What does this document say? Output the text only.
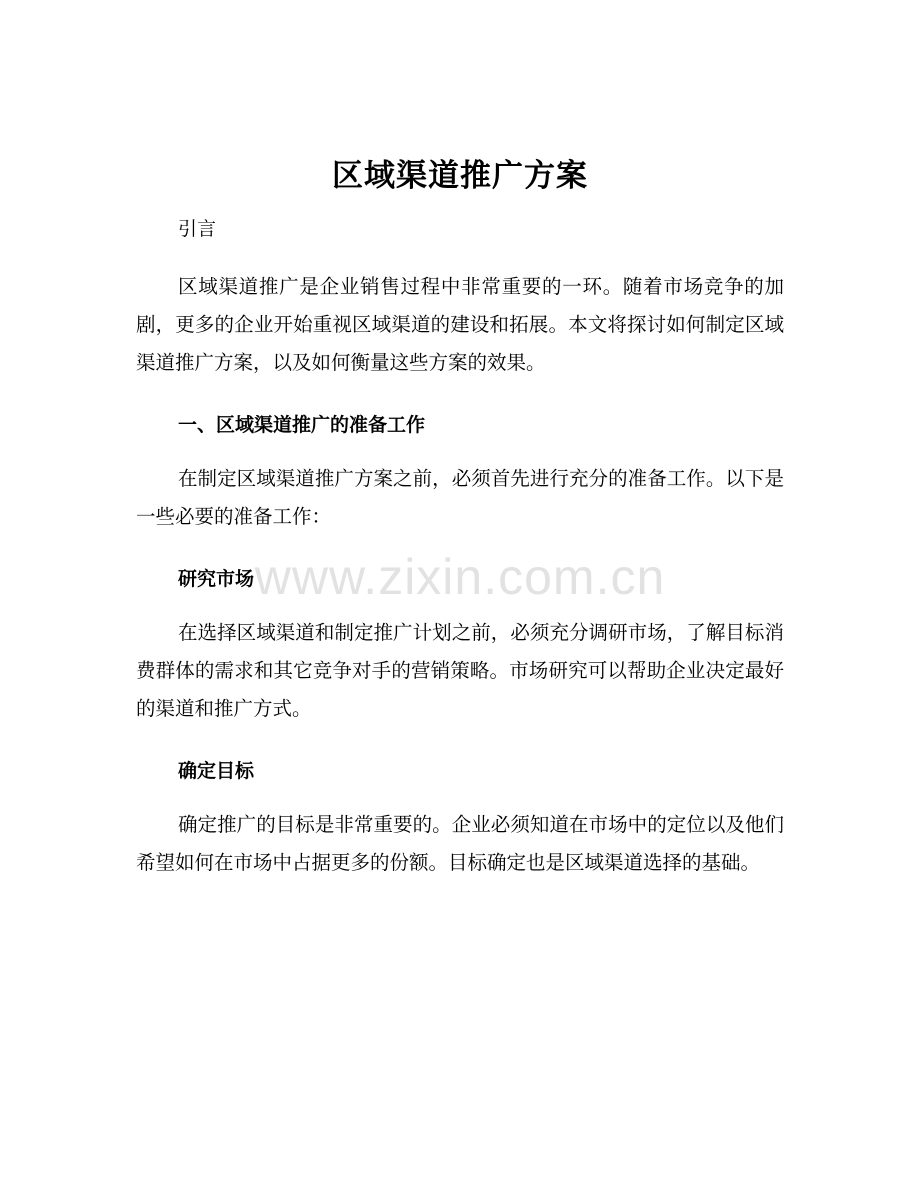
区域渠道推广方案

引言

区域渠道推广是企业销售过程中非常重要的一环。随着市场竞争的加剧，更多的企业开始重视区域渠道的建设和拓展。本文将探讨如何制定区域渠道推广方案，以及如何衡量这些方案的效果。

一、区域渠道推广的准备工作

在制定区域渠道推广方案之前，必须首先进行充分的准备工作。以下是一些必要的准备工作：

研究市场

在选择区域渠道和制定推广计划之前，必须充分调研市场，了解目标消费群体的需求和其它竞争对手的营销策略。市场研究可以帮助企业决定最好的渠道和推广方式。

确定目标

确定推广的目标是非常重要的。企业必须知道在市场中的定位以及他们希望如何在市场中占据更多的份额。目标确定也是区域渠道选择的基础。

www.zixin.com.cn
